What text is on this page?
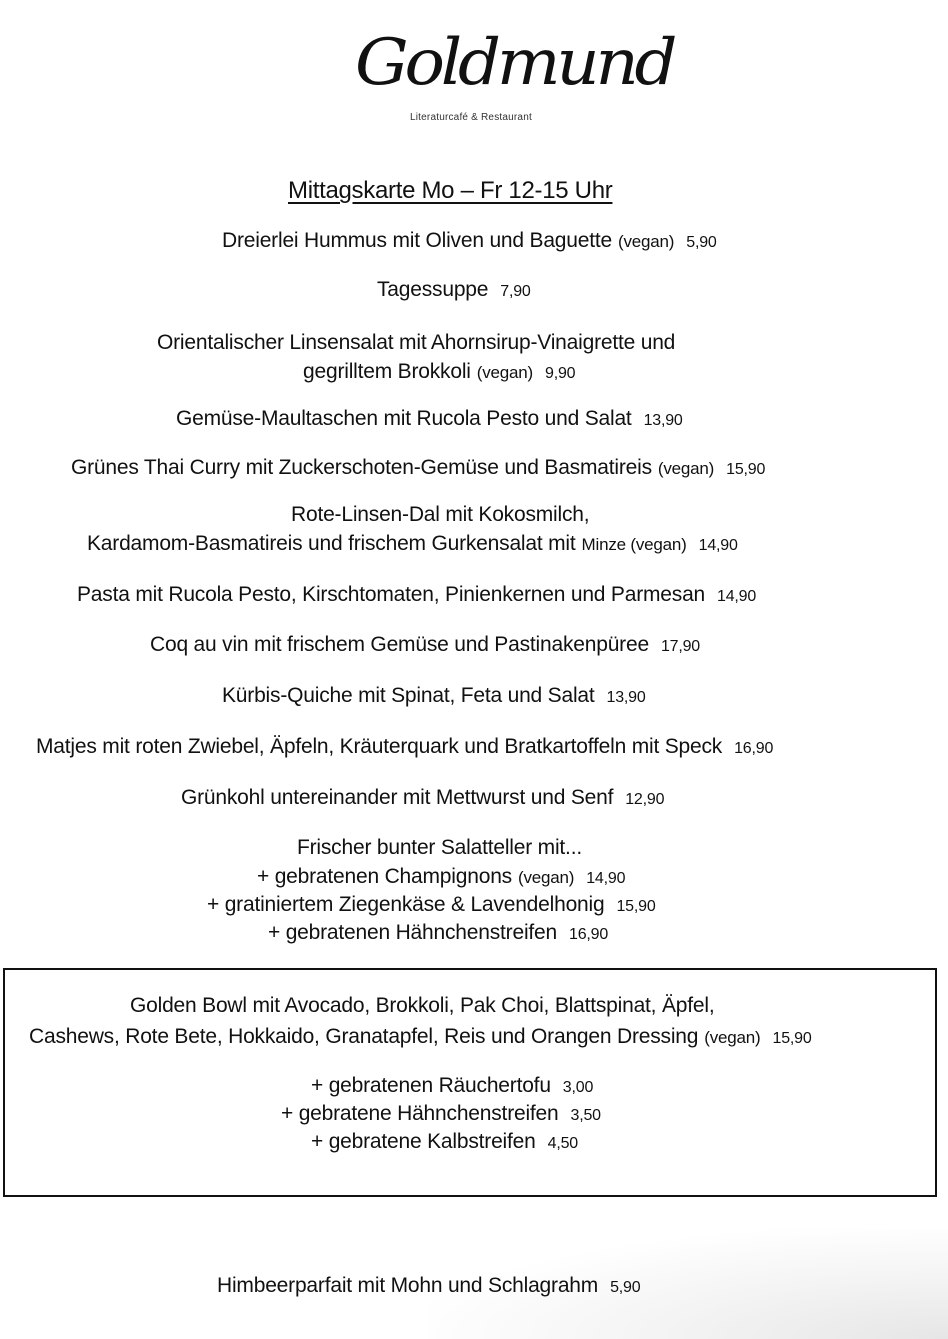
Goldmund
Literaturcafé & Restaurant
Mittagskarte Mo – Fr 12-15 Uhr
Dreierlei Hummus mit Oliven und Baguette (vegan) 5,90
Tagessuppe 7,90
Orientalischer Linsensalat mit Ahornsirup-Vinaigrette und
gegrilltem Brokkoli (vegan) 9,90
Gemüse-Maultaschen mit Rucola Pesto und Salat 13,90
Grünes Thai Curry mit Zuckerschoten-Gemüse und Basmatireis (vegan) 15,90
Rote-Linsen-Dal mit Kokosmilch,
Kardamom-Basmatireis und frischem Gurkensalat mit Minze (vegan) 14,90
Pasta mit Rucola Pesto, Kirschtomaten, Pinienkernen und Parmesan 14,90
Coq au vin mit frischem Gemüse und Pastinakenpüree 17,90
Kürbis-Quiche mit Spinat, Feta und Salat 13,90
Matjes mit roten Zwiebel, Äpfeln, Kräuterquark und Bratkartoffeln mit Speck 16,90
Grünkohl untereinander mit Mettwurst und Senf 12,90
Frischer bunter Salatteller mit...
+ gebratenen Champignons (vegan) 14,90
+ gratiniertem Ziegenkäse & Lavendelhonig 15,90
+ gebratenen Hähnchenstreifen 16,90
Golden Bowl mit Avocado, Brokkoli, Pak Choi, Blattspinat, Äpfel,
Cashews, Rote Bete, Hokkaido, Granatapfel, Reis und Orangen Dressing (vegan) 15,90
+ gebratenen Räuchertofu 3,00
+ gebratene Hähnchenstreifen 3,50
+ gebratene Kalbstreifen 4,50
Himbeerparfait mit Mohn und Schlagrahm 5,90
